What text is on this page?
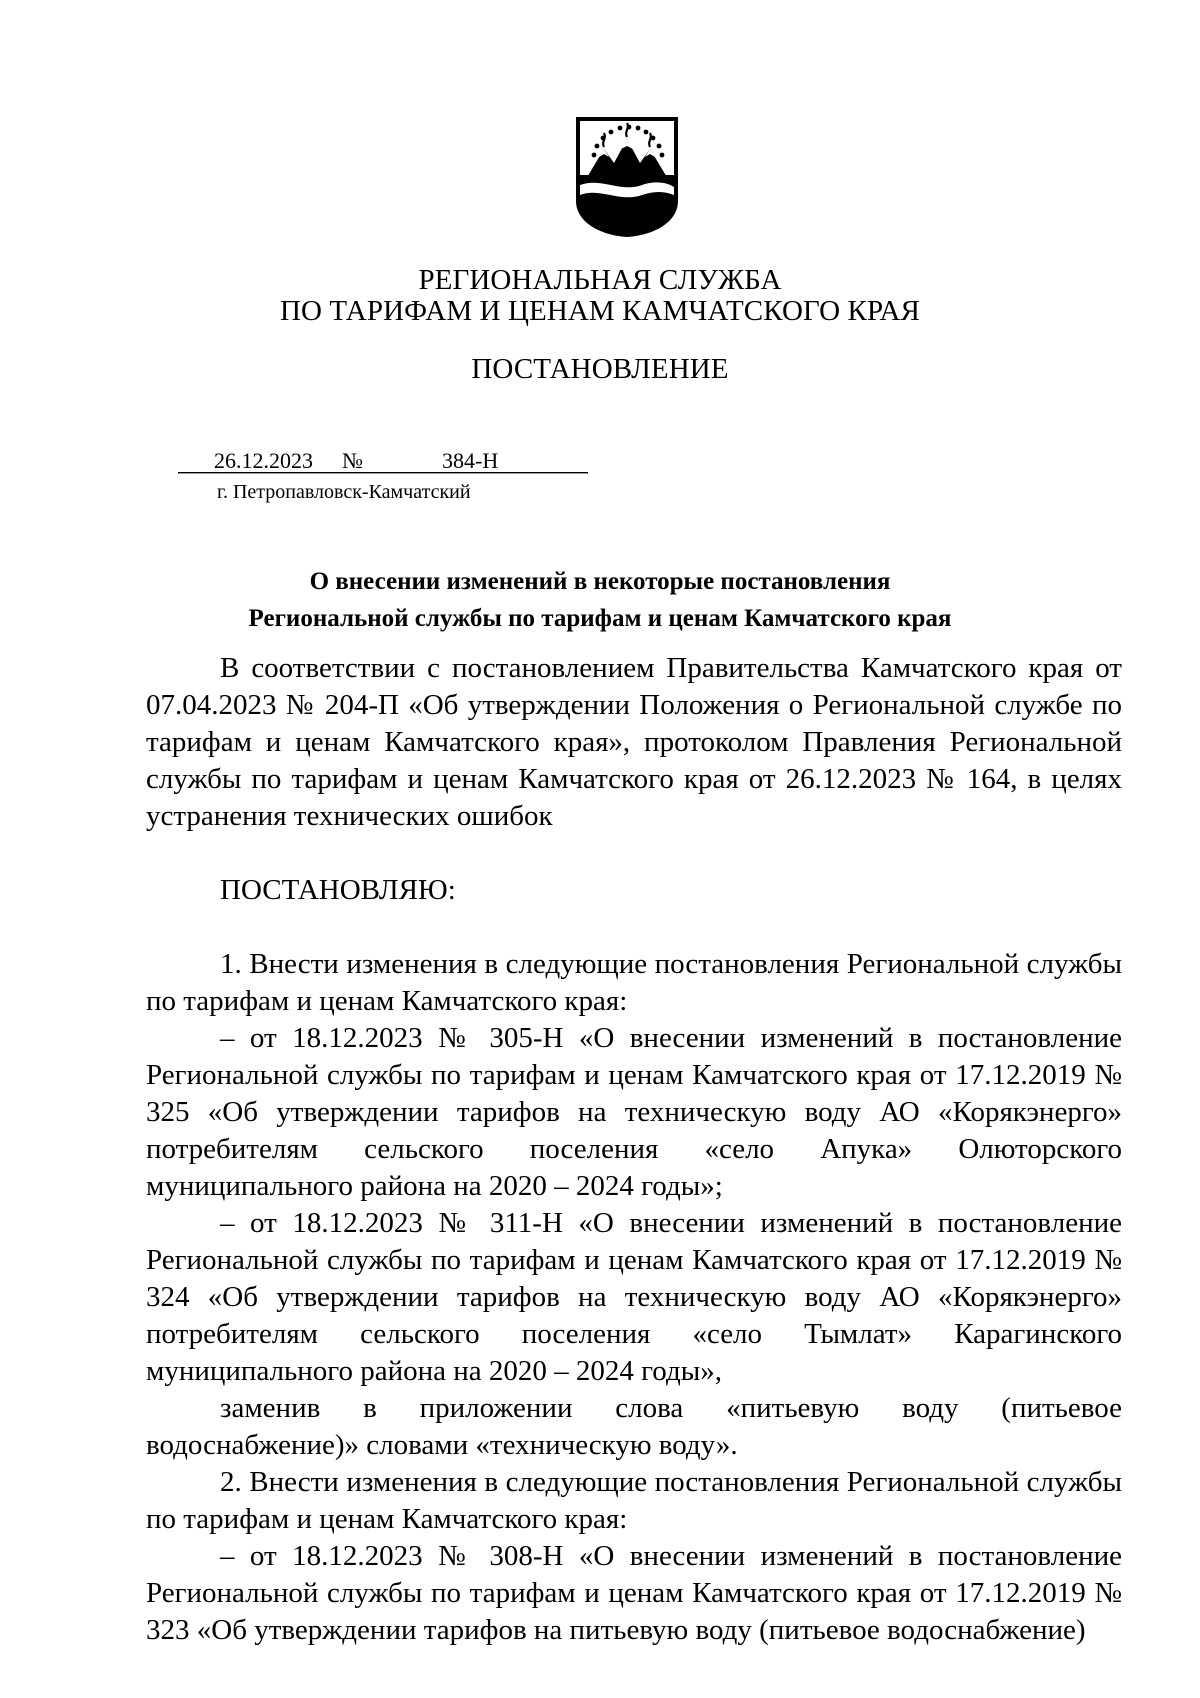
РЕГИОНАЛЬНАЯ СЛУЖБА
ПО ТАРИФАМ И ЦЕНАМ КАМЧАТСКОГО КРАЯ
ПОСТАНОВЛЕНИЕ
26.12.2023 №	384-Н
г. Петропавловск-Камчатский
О внесении изменений в некоторые постановления
Региональной службы по тарифам и ценам Камчатского края

В соответствии с постановлением Правительства Камчатского края от 07.04.2023 № 204-П «Об утверждении Положения о Региональной службе по тарифам и ценам Камчатского края», протоколом Правления Региональной службы по тарифам и ценам Камчатского края от 26.12.2023 № 164, в целях устранения технических ошибок

ПОСТАНОВЛЯЮ:

1. Внести изменения в следующие постановления Региональной службы по тарифам и ценам Камчатского края:

– от 18.12.2023 № 305-Н «О внесении изменений в постановление Региональной службы по тарифам и ценам Камчатского края от 17.12.2019 № 325 «Об утверждении тарифов на техническую воду АО «Корякэнерго» потребителям сельского поселения «село Апука» Олюторского муниципального района на 2020 – 2024 годы»;

– от 18.12.2023 № 311-Н «О внесении изменений в постановление Региональной службы по тарифам и ценам Камчатского края от 17.12.2019 № 324 «Об утверждении тарифов на техническую воду АО «Корякэнерго» потребителям сельского поселения «село Тымлат» Карагинского муниципального района на 2020 – 2024 годы»,

заменив в приложении слова «питьевую воду (питьевое водоснабжение)» словами «техническую воду».

2. Внести изменения в следующие постановления Региональной службы по тарифам и ценам Камчатского края:

– от 18.12.2023 № 308-Н «О внесении изменений в постановление Региональной службы по тарифам и ценам Камчатского края от 17.12.2019 № 323 «Об утверждении тарифов на питьевую воду (питьевое водоснабжение)
